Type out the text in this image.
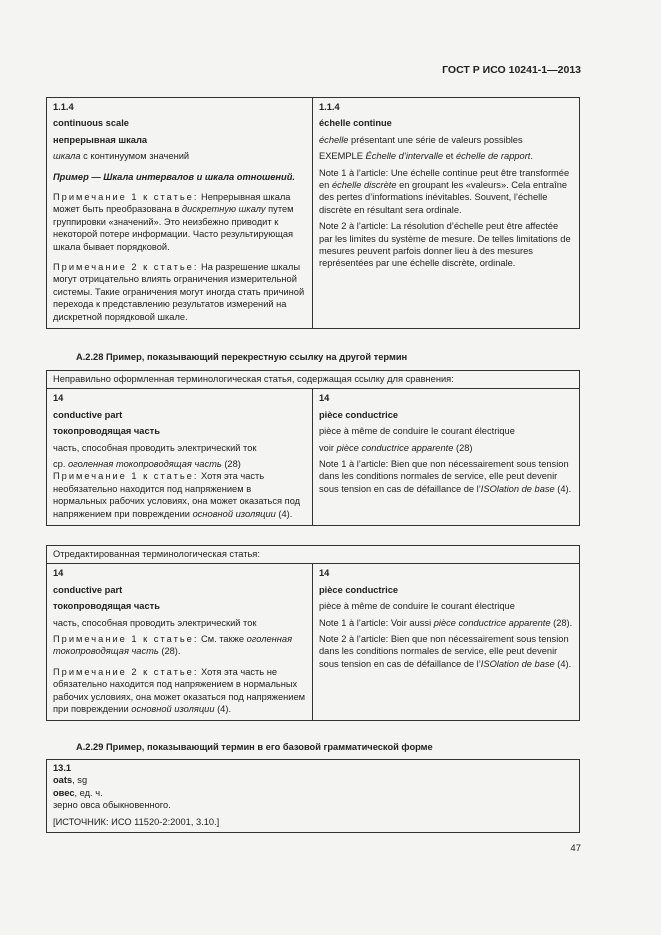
ГОСТ Р ИСО 10241-1—2013

1.1.4

continuous scale

непрерывная шкала

шкала с континуумом значений

Пример — Шкала интервалов и шкала отношений.

Примечание 1 к статье: Непрерывная шкала может быть преобразована в дискретную шкалу путем группировки «значений». Это неизбежно приводит к некоторой потере информации. Часто результирующая шкала бывает порядковой.

Примечание 2 к статье: На разрешение шкалы могут отрицательно влиять ограничения измерительной системы. Такие ограничения могут иногда стать причиной перехода к представлению результатов измерений на дискретной порядковой шкале.

1.1.4

échelle continue

échelle présentant une série de valeurs possibles

EXEMPLE Échelle d’intervalle et échelle de rapport.

Note 1 à l’article: Une échelle continue peut être transformée en échelle discrète en groupant les «valeurs». Cela entraîne des pertes d’informations inévitables. Souvent, l’échelle discrète en résultant sera ordinale.

Note 2 à l’article: La résolution d’échelle peut être affectée par les limites du système de mesure. De telles limitations de mesures peuvent parfois donner lieu à des mesures représentées par une échelle discrète, ordinale.

А.2.28 Пример, показывающий перекрестную ссылку на другой термин
Неправильно оформленная терминологическая статья, содержащая ссылку для сравнения:

14

conductive part

токопроводящая часть

часть, способная проводить электрический ток

ср. оголенная токопроводящая часть (28)

Примечание 1 к статье: Хотя эта часть необязательно находится под напряжением в нормальных рабочих условиях, она может оказаться под напряжением при повреждении основной изоляции (4).

14

pièce conductrice

pièce à même de conduire le courant électrique

voir pièce conductrice apparente (28)

Note 1 à l’article: Bien que non nécessairement sous tension dans les conditions normales de service, elle peut devenir sous tension en cas de défaillance de l’ISOlation de base (4).

Отредактированная терминологическая статья:

14

conductive part

токопроводящая часть

часть, способная проводить электрический ток

Примечание 1 к статье: См. также оголенная токопроводящая часть (28).

Примечание 2 к статье: Хотя эта часть не обязательно находится под напряжением в нормальных рабочих условиях, она может оказаться под напряжением при повреждении основной изоляции (4).

14

pièce conductrice

pièce à même de conduire le courant électrique

Note 1 à l’article: Voir aussi pièce conductrice apparente (28).

Note 2 à l’article: Bien que non nécessairement sous tension dans les conditions normales de service, elle peut devenir sous tension en cas de défaillance de l’ISOlation de base (4).

А.2.29 Пример, показывающий термин в его базовой грамматической форме

13.1

oats, sg

овес, ед. ч.

зерно овса обыкновенного.

[ИСТОЧНИК: ИСО 11520-2:2001, 3.10.]

47
